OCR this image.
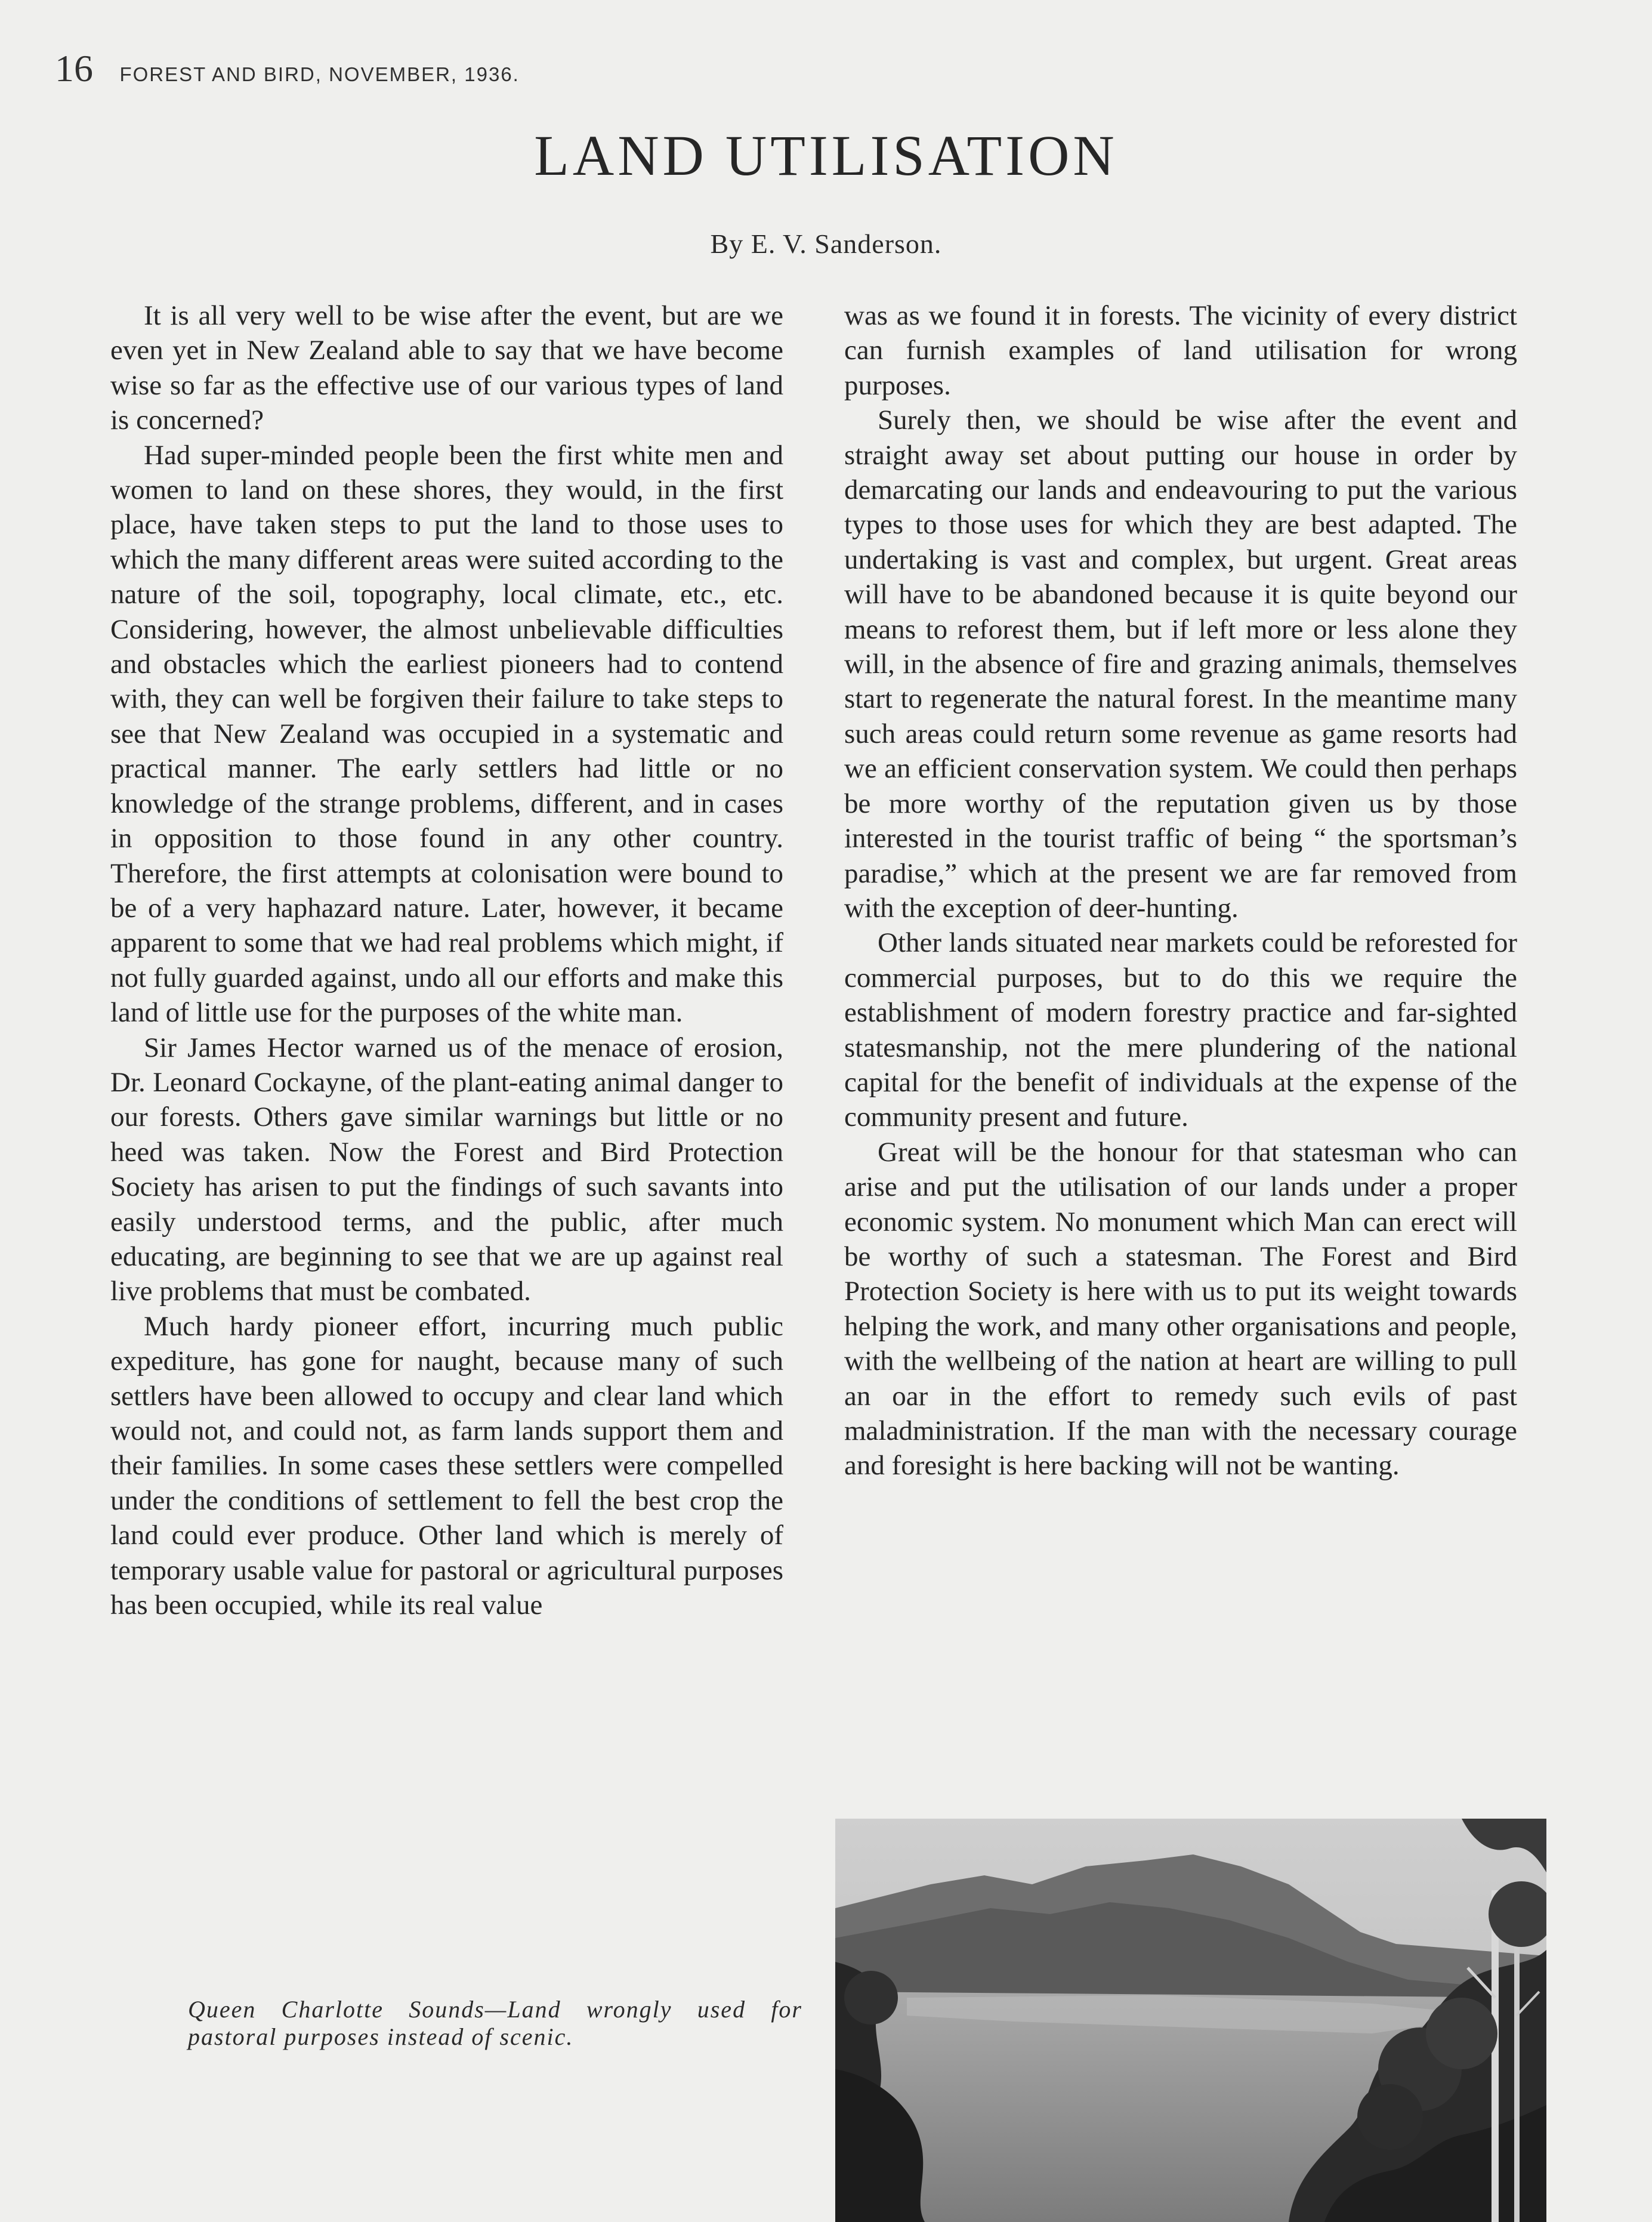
16 FOREST AND BIRD, NOVEMBER, 1936.
LAND UTILISATION
By E. V. Sanderson.

It is all very well to be wise after the event, but are we even yet in New Zealand able to say that we have become wise so far as the effective use of our various types of land is concerned?

Had super-minded people been the first white men and women to land on these shores, they would, in the first place, have taken steps to put the land to those uses to which the many different areas were suited according to the nature of the soil, topography, local climate, etc., etc. Considering, however, the almost unbelievable difficulties and obstacles which the earliest pioneers had to contend with, they can well be forgiven their failure to take steps to see that New Zealand was occupied in a systematic and practical manner. The early settlers had little or no knowledge of the strange problems, different, and in cases in opposition to those found in any other country. Therefore, the first attempts at colonisation were bound to be of a very haphazard nature. Later, however, it became apparent to some that we had real problems which might, if not fully guarded against, undo all our efforts and make this land of little use for the purposes of the white man.

Sir James Hector warned us of the menace of erosion, Dr. Leonard Cockayne, of the plant-eating animal danger to our forests. Others gave similar warnings but little or no heed was taken. Now the Forest and Bird Protection Society has arisen to put the findings of such savants into easily understood terms, and the public, after much educating, are beginning to see that we are up against real live problems that must be combated.

Much hardy pioneer effort, incurring much public expediture, has gone for naught, because many of such settlers have been allowed to occupy and clear land which would not, and could not, as farm lands support them and their families. In some cases these settlers were compelled under the conditions of settlement to fell the best crop the land could ever produce. Other land which is merely of temporary usable value for pastoral or agricultural purposes has been occupied, while its real value

was as we found it in forests. The vicinity of every district can furnish examples of land utilisation for wrong purposes.

Surely then, we should be wise after the event and straight away set about putting our house in order by demarcating our lands and endeavouring to put the various types to those uses for which they are best adapted. The undertaking is vast and complex, but urgent. Great areas will have to be abandoned because it is quite beyond our means to reforest them, but if left more or less alone they will, in the absence of fire and grazing animals, themselves start to regenerate the natural forest. In the meantime many such areas could return some revenue as game resorts had we an efficient conservation system. We could then perhaps be more worthy of the reputation given us by those interested in the tourist traffic of being “ the sportsman’s paradise,” which at the present we are far removed from with the exception of deer-hunting.

Other lands situated near markets could be reforested for commercial purposes, but to do this we require the establishment of modern forestry practice and far-sighted statesmanship, not the mere plundering of the national capital for the benefit of individuals at the expense of the community present and future.

Great will be the honour for that statesman who can arise and put the utilisation of our lands under a proper economic system. No monument which Man can erect will be worthy of such a statesman. The Forest and Bird Protection Society is here with us to put its weight towards helping the work, and many other organisations and people, with the wellbeing of the nation at heart are willing to pull an oar in the effort to remedy such evils of past maladministration. If the man with the necessary courage and foresight is here backing will not be wanting.

Queen Charlotte Sounds—Land wrongly used for pastoral purposes instead of scenic.
